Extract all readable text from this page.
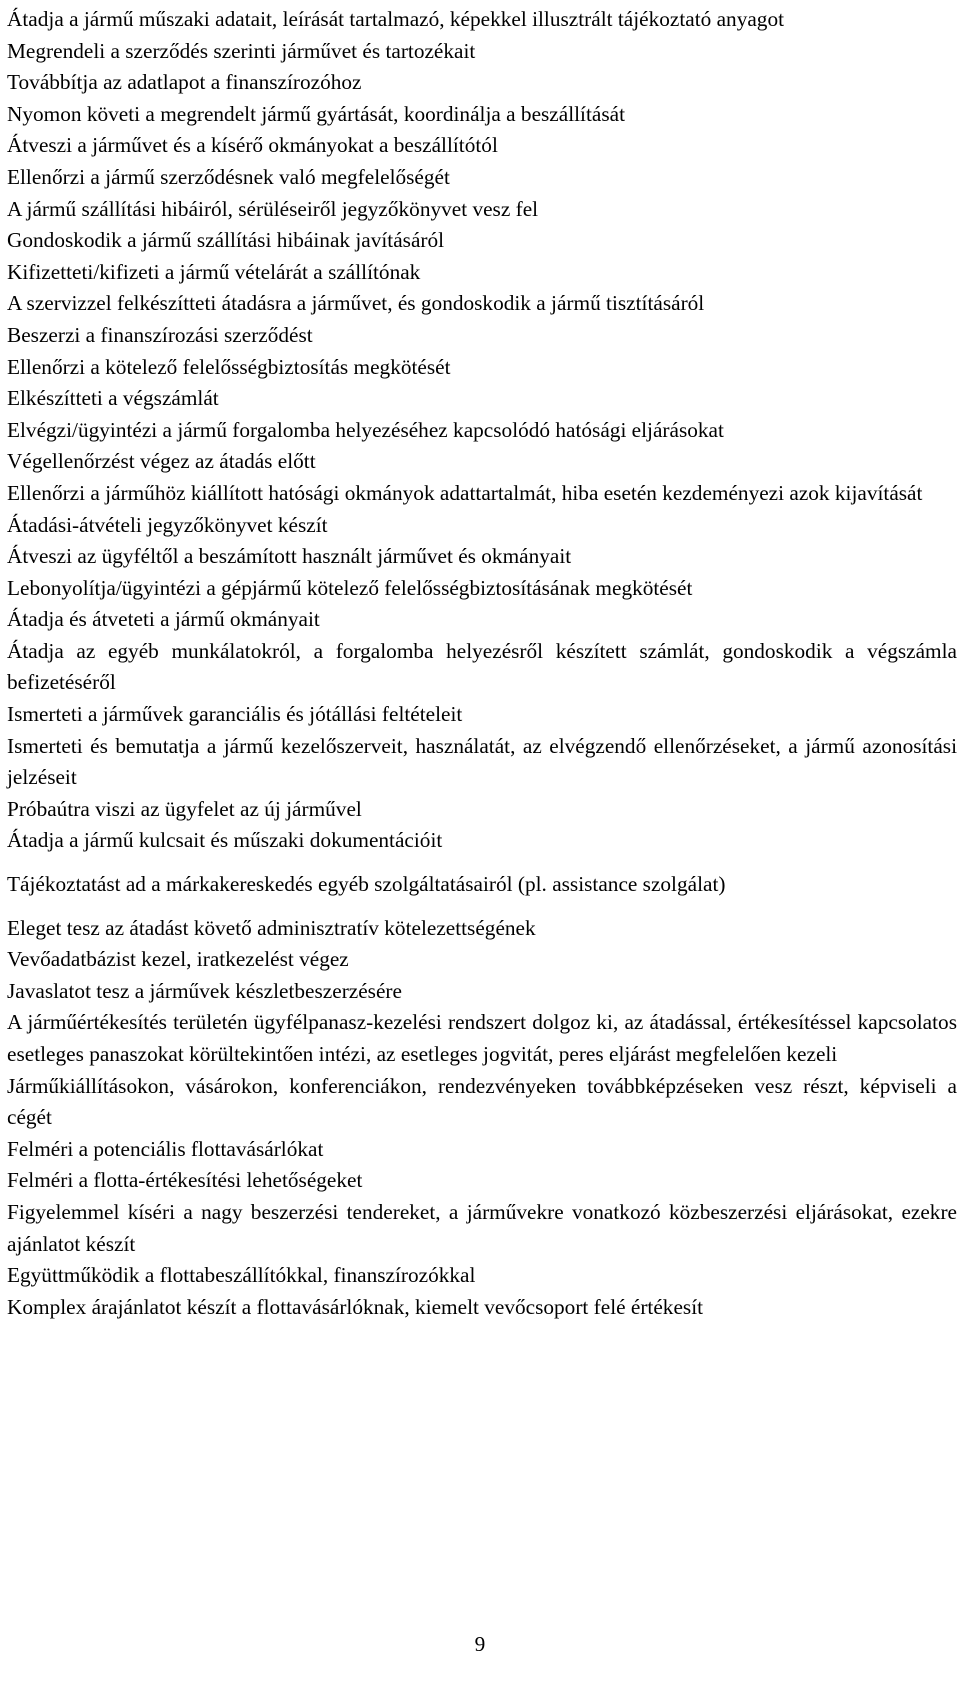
Átadja a jármű műszaki adatait, leírását tartalmazó, képekkel illusztrált tájékoztató anyagot

Megrendeli a szerződés szerinti járművet és tartozékait

Továbbítja az adatlapot a finanszírozóhoz

Nyomon követi a megrendelt jármű gyártását, koordinálja a beszállítását

Átveszi a járművet és a kísérő okmányokat a beszállítótól

Ellenőrzi a jármű szerződésnek való megfelelőségét

A jármű szállítási hibáiról, sérüléseiről jegyzőkönyvet vesz fel

Gondoskodik a jármű szállítási hibáinak javításáról

Kifizetteti/kifizeti a jármű vételárát a szállítónak

A szervizzel felkészítteti átadásra a járművet, és gondoskodik a jármű tisztításáról

Beszerzi a finanszírozási szerződést

Ellenőrzi a kötelező felelősségbiztosítás megkötését

Elkészítteti a végszámlát

Elvégzi/ügyintézi a jármű forgalomba helyezéséhez kapcsolódó hatósági eljárásokat

Végellenőrzést végez az átadás előtt

Ellenőrzi a járműhöz kiállított hatósági okmányok adattartalmát, hiba esetén kezdeményezi azok kijavítását

Átadási-átvételi jegyzőkönyvet készít

Átveszi az ügyféltől a beszámított használt járművet és okmányait

Lebonyolítja/ügyintézi a gépjármű kötelező felelősségbiztosításának megkötését

Átadja és átveteti a jármű okmányait

Átadja az egyéb munkálatokról, a forgalomba helyezésről készített számlát, gondoskodik a végszámla befizetéséről

Ismerteti a járművek garanciális és jótállási feltételeit

Ismerteti és bemutatja a jármű kezelőszerveit, használatát, az elvégzendő ellenőrzéseket, a jármű azonosítási jelzéseit

Próbaútra viszi az ügyfelet az új járművel

Átadja a jármű kulcsait és műszaki dokumentációit

Tájékoztatást ad a márkakereskedés egyéb szolgáltatásairól (pl. assistance szolgálat)

Eleget tesz az átadást követő adminisztratív kötelezettségének

Vevőadatbázist kezel, iratkezelést végez

Javaslatot tesz a járművek készletbeszerzésére

A járműértékesítés területén ügyfélpanasz-kezelési rendszert dolgoz ki, az átadással, értékesítéssel kapcsolatos esetleges panaszokat körültekintően intézi, az esetleges jogvitát, peres eljárást megfelelően kezeli

Járműkiállításokon, vásárokon, konferenciákon, rendezvényeken továbbképzéseken vesz részt, képviseli a cégét

Felméri a potenciális flottavásárlókat

Felméri a flotta-értékesítési lehetőségeket

Figyelemmel kíséri a nagy beszerzési tendereket, a járművekre vonatkozó közbeszerzési eljárásokat, ezekre ajánlatot készít

Együttműködik a flottabeszállítókkal, finanszírozókkal

Komplex árajánlatot készít a flottavásárlóknak, kiemelt vevőcsoport felé értékesít

9
